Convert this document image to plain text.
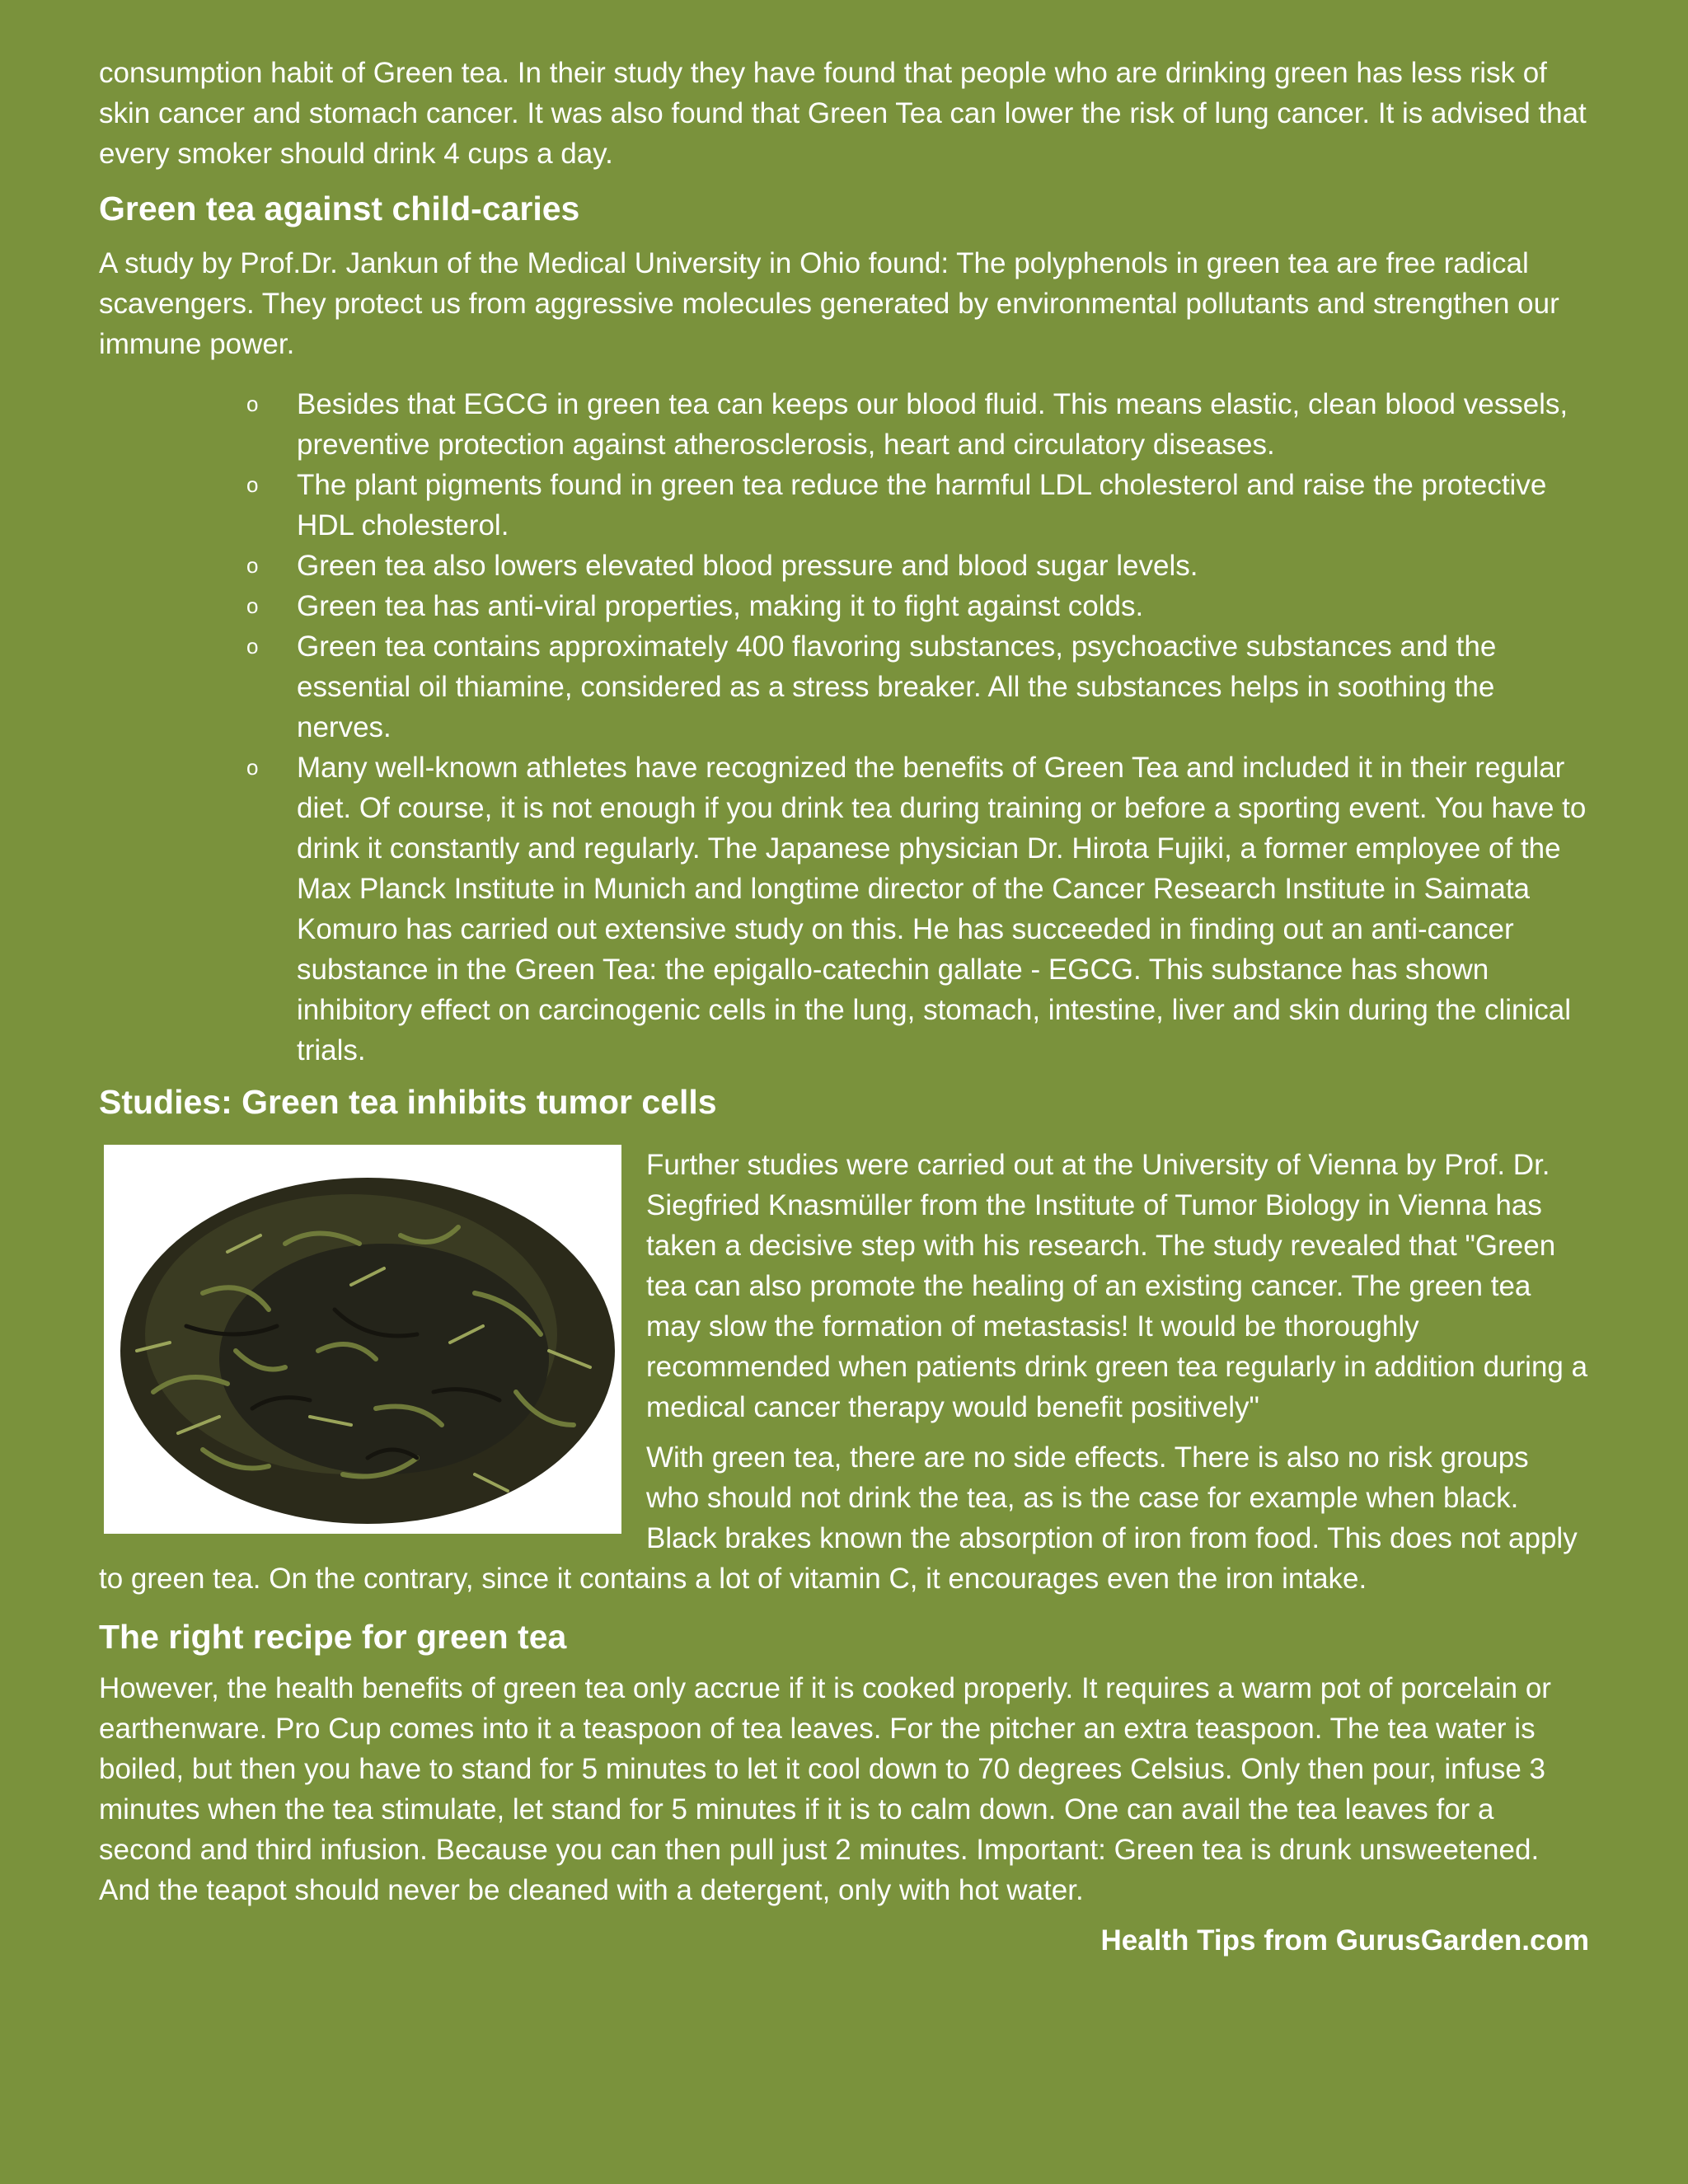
consumption habit of Green tea. In their study they have found that people who are drinking green has less risk of skin cancer and stomach cancer. It was also found that Green Tea can lower the risk of lung cancer. It is advised that every smoker should drink 4 cups a day.

Green tea against child-caries

A study by Prof.Dr. Jankun of the Medical University in Ohio found: The polyphenols in green tea are free radical scavengers. They protect us from aggressive molecules generated by environmental pollutants and strengthen our immune power.

o Besides that EGCG in green tea can keeps our blood fluid. This means elastic, clean blood vessels, preventive protection against atherosclerosis, heart and circulatory diseases.
o The plant pigments found in green tea reduce the harmful LDL cholesterol and raise the protective HDL cholesterol.
o Green tea also lowers elevated blood pressure and blood sugar levels.
o Green tea has anti-viral properties, making it to fight against colds.
o Green tea contains approximately 400 flavoring substances, psychoactive substances and the essential oil thiamine, considered as a stress breaker. All the substances helps in soothing the nerves.
o Many well-known athletes have recognized the benefits of Green Tea and included it in their regular diet. Of course, it is not enough if you drink tea during training or before a sporting event. You have to drink it constantly and regularly. The Japanese physician Dr. Hirota Fujiki, a former employee of the Max Planck Institute in Munich and longtime director of the Cancer Research Institute in Saimata Komuro has carried out extensive study on this. He has succeeded in finding out an anti-cancer substance in the Green Tea: the epigallo-catechin gallate - EGCG. This substance has shown inhibitory effect on carcinogenic cells in the lung, stomach, intestine, liver and skin during the clinical trials.
Studies: Green tea inhibits tumor cells

Further studies were carried out at the University of Vienna by Prof. Dr. Siegfried Knasmüller from the Institute of Tumor Biology in Vienna has taken a decisive step with his research. The study revealed that "Green tea can also promote the healing of an existing cancer. The green tea may slow the formation of metastasis! It would be thoroughly recommended when patients drink green tea regularly in addition during a medical cancer therapy would benefit positively"

With green tea, there are no side effects. There is also no risk groups who should not drink the tea, as is the case for example when black. Black brakes known the absorption of iron from food. This does not apply to green tea. On the contrary, since it contains a lot of vitamin C, it encourages even the iron intake.

The right recipe for green tea

However, the health benefits of green tea only accrue if it is cooked properly. It requires a warm pot of porcelain or earthenware. Pro Cup comes into it a teaspoon of tea leaves. For the pitcher an extra teaspoon. The tea water is boiled, but then you have to stand for 5 minutes to let it cool down to 70 degrees Celsius. Only then pour, infuse 3 minutes when the tea stimulate, let stand for 5 minutes if it is to calm down. One can avail the tea leaves for a second and third infusion. Because you can then pull just 2 minutes. Important: Green tea is drunk unsweetened. And the teapot should never be cleaned with a detergent, only with hot water.

Health Tips from GurusGarden.com
